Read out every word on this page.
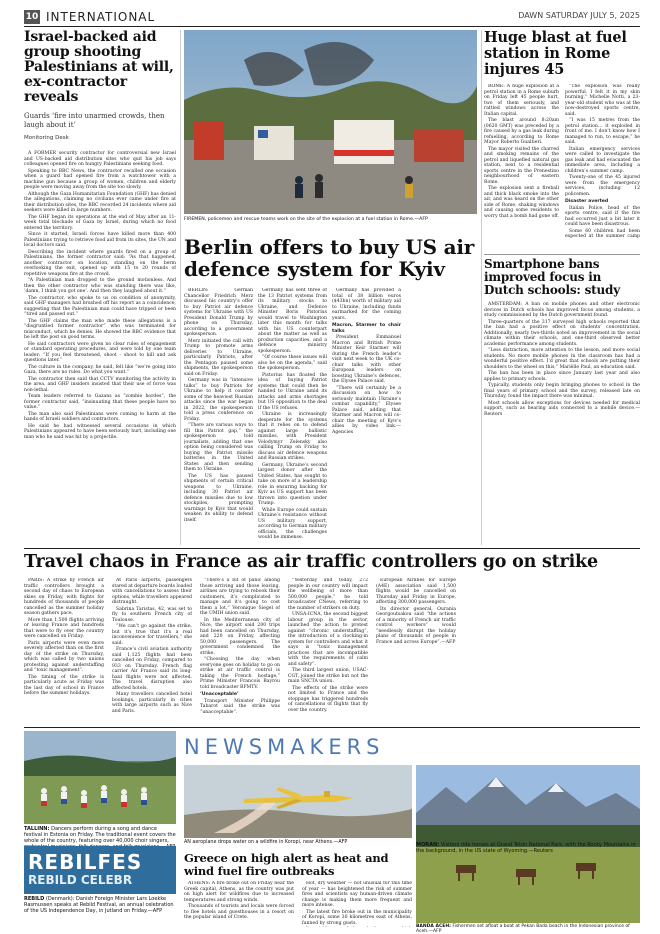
10 INTERNATIONAL	DAWN SATURDAY JULY 5, 2025
Israel-backed aid group shooting Palestinians at will, ex-contractor reveals
Guards ‘fire into unarmed crowds, then laugh about it’
Monitoring Desk

A FORMER security contractor for controversial new Israel and US-backed aid distribution sites who quit his job says colleagues opened fire on hungry Palestinians seeking food.

Speaking to BBC News, the contractor recalled one occasion when a guard had opened fire from a watchtower with a machine gun because a group of women, children and elderly people were moving away from the site too slowly.

Although the Gaza Humanitarian Foundation (GHF) has denied the allegations, claiming no civilians ever came under fire at their distribution sites, the BBC recorded 24 incidents where aid seekers were killed in large numbers.

The GHF began its operations at the end of May after an 11-week total blockade of Gaza by Israel, during which no food entered the territory.

Since it started, Israeli forces have killed more than 400 Palestinians trying to retrieve food aid from its sites, the UN and local doctors said.

Describing the incident where guards fired on a group of Palestinians, the former contractor said: “As that happened, another contractor on location, standing on the berm overlooking the exit, opened up with 15 to 20 rounds of repetitive weapons fire at the crowd.

“A Palestinian man dropped to the ground motionless. And then the other contractor who was standing there was like, ‘damn, I think you got one’. And then they laughed about it.”

The contractor, who spoke to us on condition of anonymity, said GHF managers had brushed off his report as a coincidence, suggesting that the Palestinian man could have tripped or been “tired and passed out.”

The GHF claims the man who made these allegations is a “disgruntled former contractor” who was terminated for misconduct, which he denies. He showed the BBC evidence that he left the post on good terms.

He said contractors were given no clear rules of engagement or standard operating procedures, and were told by one team leader: “If you feel threatened, shoot - shoot to kill and ask questions later.”

The culture in the company, he said, felt like “we’re going into Gaza, there are no rules. Do what you want.”

The contractor then said that CCTV monitoring the activity in the area, and GHF insiders insisted that their use of force was non-lethal.

Team leaders referred to Gazans as “zombie hordes”, the former contractor said, “insinuating that these people have no value.”

The man also said Palestinians were coming to harm at the hands of Israeli soldiers and contractors.

He said he had witnessed several occasions in which Palestinians appeared to have been seriously hurt, including one man who he said was hit by a projectile.

FIREMEN, policemen and rescue teams work on the site of the explosion at a fuel station in Rome.—AFP
Huge blast at fuel station in Rome injures 45

ROME: A huge explosion at a petrol station in a Rome suburb on Friday left 45 people hurt, two of them seriously, and rattled windows across the Italian capital.

The blast around 8:20am (0620 GMT) was preceded by a fire caused by a gas leak during refuelling, according to Rome Mayor Roberto Gualtieri.

The mayor visited the charred and smoking remains of the petrol and liquefied natural gas station, next to a residential sports centre in the Prenestino neighbourhood of eastern Rome.

The explosion sent a fireball and thick black smoke into the air, and was heard on the other side of Rome, shaking windows and causing some residents to worry that a bomb had gone off.

“The explosion was really powerful. I felt it in my skin burning,” Michelle Notti, a 23-year-old student who was at the now-destroyed sports centre, said.

“I was 15 metres from the petrol station... it exploded in front of me. I don’t know how I managed to run, to escape,” he said.

Italian emergency services were called to investigate the gas leak and had evacuated the immediate area, including a children’s summer camp.

Twenty-one of the 45 injured were from the emergency services, including 12 policemen.

Disaster averted

Italian Police, head of the sports centre, said if the fire had occurred just a bit later it could have been disastrous.

Some 60 children had been expected at the summer camp

Berlin offers to buy US air defence system for Kyiv

BERLIN: German Chancellor Friedrich Merz discussed his country’s offer to buy Patriot air defence systems for Ukraine with US President Donald Trump by phone on Thursday, according to a government spokesperson.

Merz initiated the call with Trump to promote arms deliveries to Ukraine, particularly Patriots, after the Pentagon paused some shipments, the spokesperson said on Friday.

Germany was in “intensive talks” to buy Patriots for Ukraine to help it counter some of the heaviest Russian attacks since the war began in 2022, the spokesperson told a press conference on Friday.

“There are various ways to fill this Patriot gap,” the spokesperson told journalists, adding that one option being considered was buying the Patriot missile batteries in the United States and then sending them to Ukraine.

The US has paused shipments of certain critical weapons to Ukraine, including 30 Patriot air defence missiles due to low stockpiles, prompting warnings by Kyiv that would weaken its ability to defend itself.

Germany has sent three of the 13 Patriot systems from its military stocks to Ukraine, and Defence Minister Boris Pistorius would travel to Washington later this month for talks with his US counterpart about the matter as well as production capacities, and a defence ministry spokesperson.

“Of course these issues will also be on the agenda,” said the spokesperson.

Pistorius has floated the idea of buying Patriot systems that could then be handed to Ukraine amid its attacks and arms shortages but US opposition to the deal if the US refuses.

Ukraine is increasingly desperate for the systems that it relies on to defend against large ballistic missiles, with President Volodymyr Zelensky also calling Trump on Friday to discuss air defence weapons and Russian strikes.

Germany, Ukraine’s second largest donor after the United States, has sought to take on more of a leadership role in ensuring backing for Kyiv as US support has been thrown into question under Trump.

While Europe could sustain Ukraine’s resistance without US military support, according to German military officials, the challenges would be immense.

Germany has provided a total of 38 billion euros ($43bn) worth of military aid to Ukraine, including funds earmarked for the coming years.

Macron, Starmer to chair talks

President Emmanuel Macron and British Prime Minister Keir Starmer will during the French leader’s visit next week to the UK co-chair talks with other European leaders on boosting Ukraine’s defences, the Elysee Palace said.

“There will certainly be a discussion on how to seriously maintain Ukraine’s combat capability,” Elysee Palace said, adding that Starmer and Macron will co-chair the meeting of Kyiv’s allies by video link.—Agencies

Smartphone bans improved focus in Dutch schools: study

AMSTERDAM: A ban on mobile phones and other electronic devices in Dutch schools has improved focus among students, a study commissioned by the Dutch government found.

Three-quarters of the 317 surveyed high schools reported that the ban had a positive effect on students’ concentration. Additionally, nearly two-thirds noted an improvement in the social climate within their schools, and one-third observed better academic performance among students.

“Less distraction, more attention to the lesson, and more social students. No more mobile phones in the classroom has had a wonderful positive effect. I’d great that schools are putting their shoulders to the wheel on this,” Mariëlle Paul, an education said.

The ban has been in place since January last year and also applies to primary schools.

Typically, students only begin bringing phones to school in the final years of primary school and the survey, released late on Thursday, found the impact there was minimal.

Most schools allow exceptions for devices needed for medical support, such as hearing aids connected to a mobile device.—Reuters

Travel chaos in France as air traffic controllers go on strike

PARIS: A strike by French air traffic controllers brought a second day of chaos to European skies on Friday, with flights for hundreds of thousands of people cancelled as the summer holiday season gathers pace.

More than 1,500 flights arriving or leaving France and hundreds that were to fly over the country were cancelled on Friday.

Paris airports were even more severely affected than on the first day of the strike on Thursday, which was called by two unions protesting against understaffing and “toxic management”.

The timing of the strike is particularly acute as Friday was the last day of school in France before the summer holidays.

At Paris airports, passengers stared at departure boards loaded with cancellations to assess their options, while travellers appeared distraught.

Sabrina Taristas, 42, was set to fly to southern French city of Toulouse.

“We can’t go against the strike, but it’s true that it’s a real inconvenience for travellers,” she said.

France’s civil aviation authority said 1,125 flights had been cancelled on Friday, compared to 933 on Thursday. French flag carrier Air France said its long-haul flights were not affected. The travel disruption also affected hotels.

Many travellers cancelled hotel bookings, particularly in cities with large airports such as Nice and Paris.

“There’s a bit of panic among those arriving and those leaving, airlines are trying to rebook their customers, it’s complicated to manage and it’s going to cost them a lot,” Veronique Siegel of the UMIH union said.

In the Mediterranean city of Nice, the airport said 200 trips had been cancelled on Thursday, and 220 on Friday, affecting 50,000 passengers. The government condemned the strike.

“Choosing the day when everyone goes on holiday to go on strike at air traffic control is taking the French hostage,” Prime Minister Francois Bayrou told broadcaster BFMTV.

‘Unacceptable’

Transport Minister Philippe Tabarot said the strike was “unacceptable”.

“Yesterday and today, 272 people in our country will impact the wellbeing of more than 500,000 people,” he told broadcaster CNews, referring to the number of strikers on duty.

UNSA-ICNA, the second biggest labour group in the sector, launched the action to protest against “chronic understaffing”, the introduction of a clocking-in system for controllers and what it says is “toxic management practices that are incompatible with the requirements of calm and safety”.

The third largest union, USAC-CGT, joined the strike but not the main SNCTA union.

The effects of the strike were not limited to France and the stoppage has triggered hundreds of cancellations of flights that fly over the country.

European Airlines for Europe (A4E) association said 1,500 flights would be cancelled on Thursday and Friday in Europe, affecting 300,000 passengers.

Its director general, Ourania Georgoutsakou said “the actions of a minority of French air traffic control workers” would “needlessly disrupt the holiday plans of thousands of people in France and across Europe”.—AFP

NEWSMAKERS
TALLINN: Dancers perform during a song and dance festival in Estonia on Friday. The traditional event covers the whole of the country, featuring over 40,000 choir singers,	AN aeroplane drops water on a wildfire in Koropi, near Athens.—AFP	MORAN: Visitors ride horses at Grand Teton National Park, with the Rocky Mountains in the background, in the US state of Wyoming.—Reuters
Greece on high alert as heat and wind fuel fire outbreaks

ATHENS: A fire broke out on Friday near the Greek capital, Athens, as the country was put on high alert for wildfires due to increased temperatures and strong winds.

Thousands of tourists and locals were forced to flee hotels and guesthouses in a resort on the popular island of Crete.

Hot, dry weather — not unusual for this time of year — has heightened the risk of summer fires and scientists say human-driven climate change is making them more frequent and more intense.

The latest fire broke out in the municipality of Koropi, some 30 kilometres east of Athens, fanned by strong gusts.

REBILFES
REBILD CELEBR
REBILD (Denmark): Danish Foreign Minister Lars Loekke Rasmussen speaks at Rebild Festival, an annual celebration of the US Independence Day, in Jutland on Friday.—AFP
BANDA ACEH: Fishermen set afloat a boat at Pekan Bada beach in the Indonesian province of Aceh.—AFP
